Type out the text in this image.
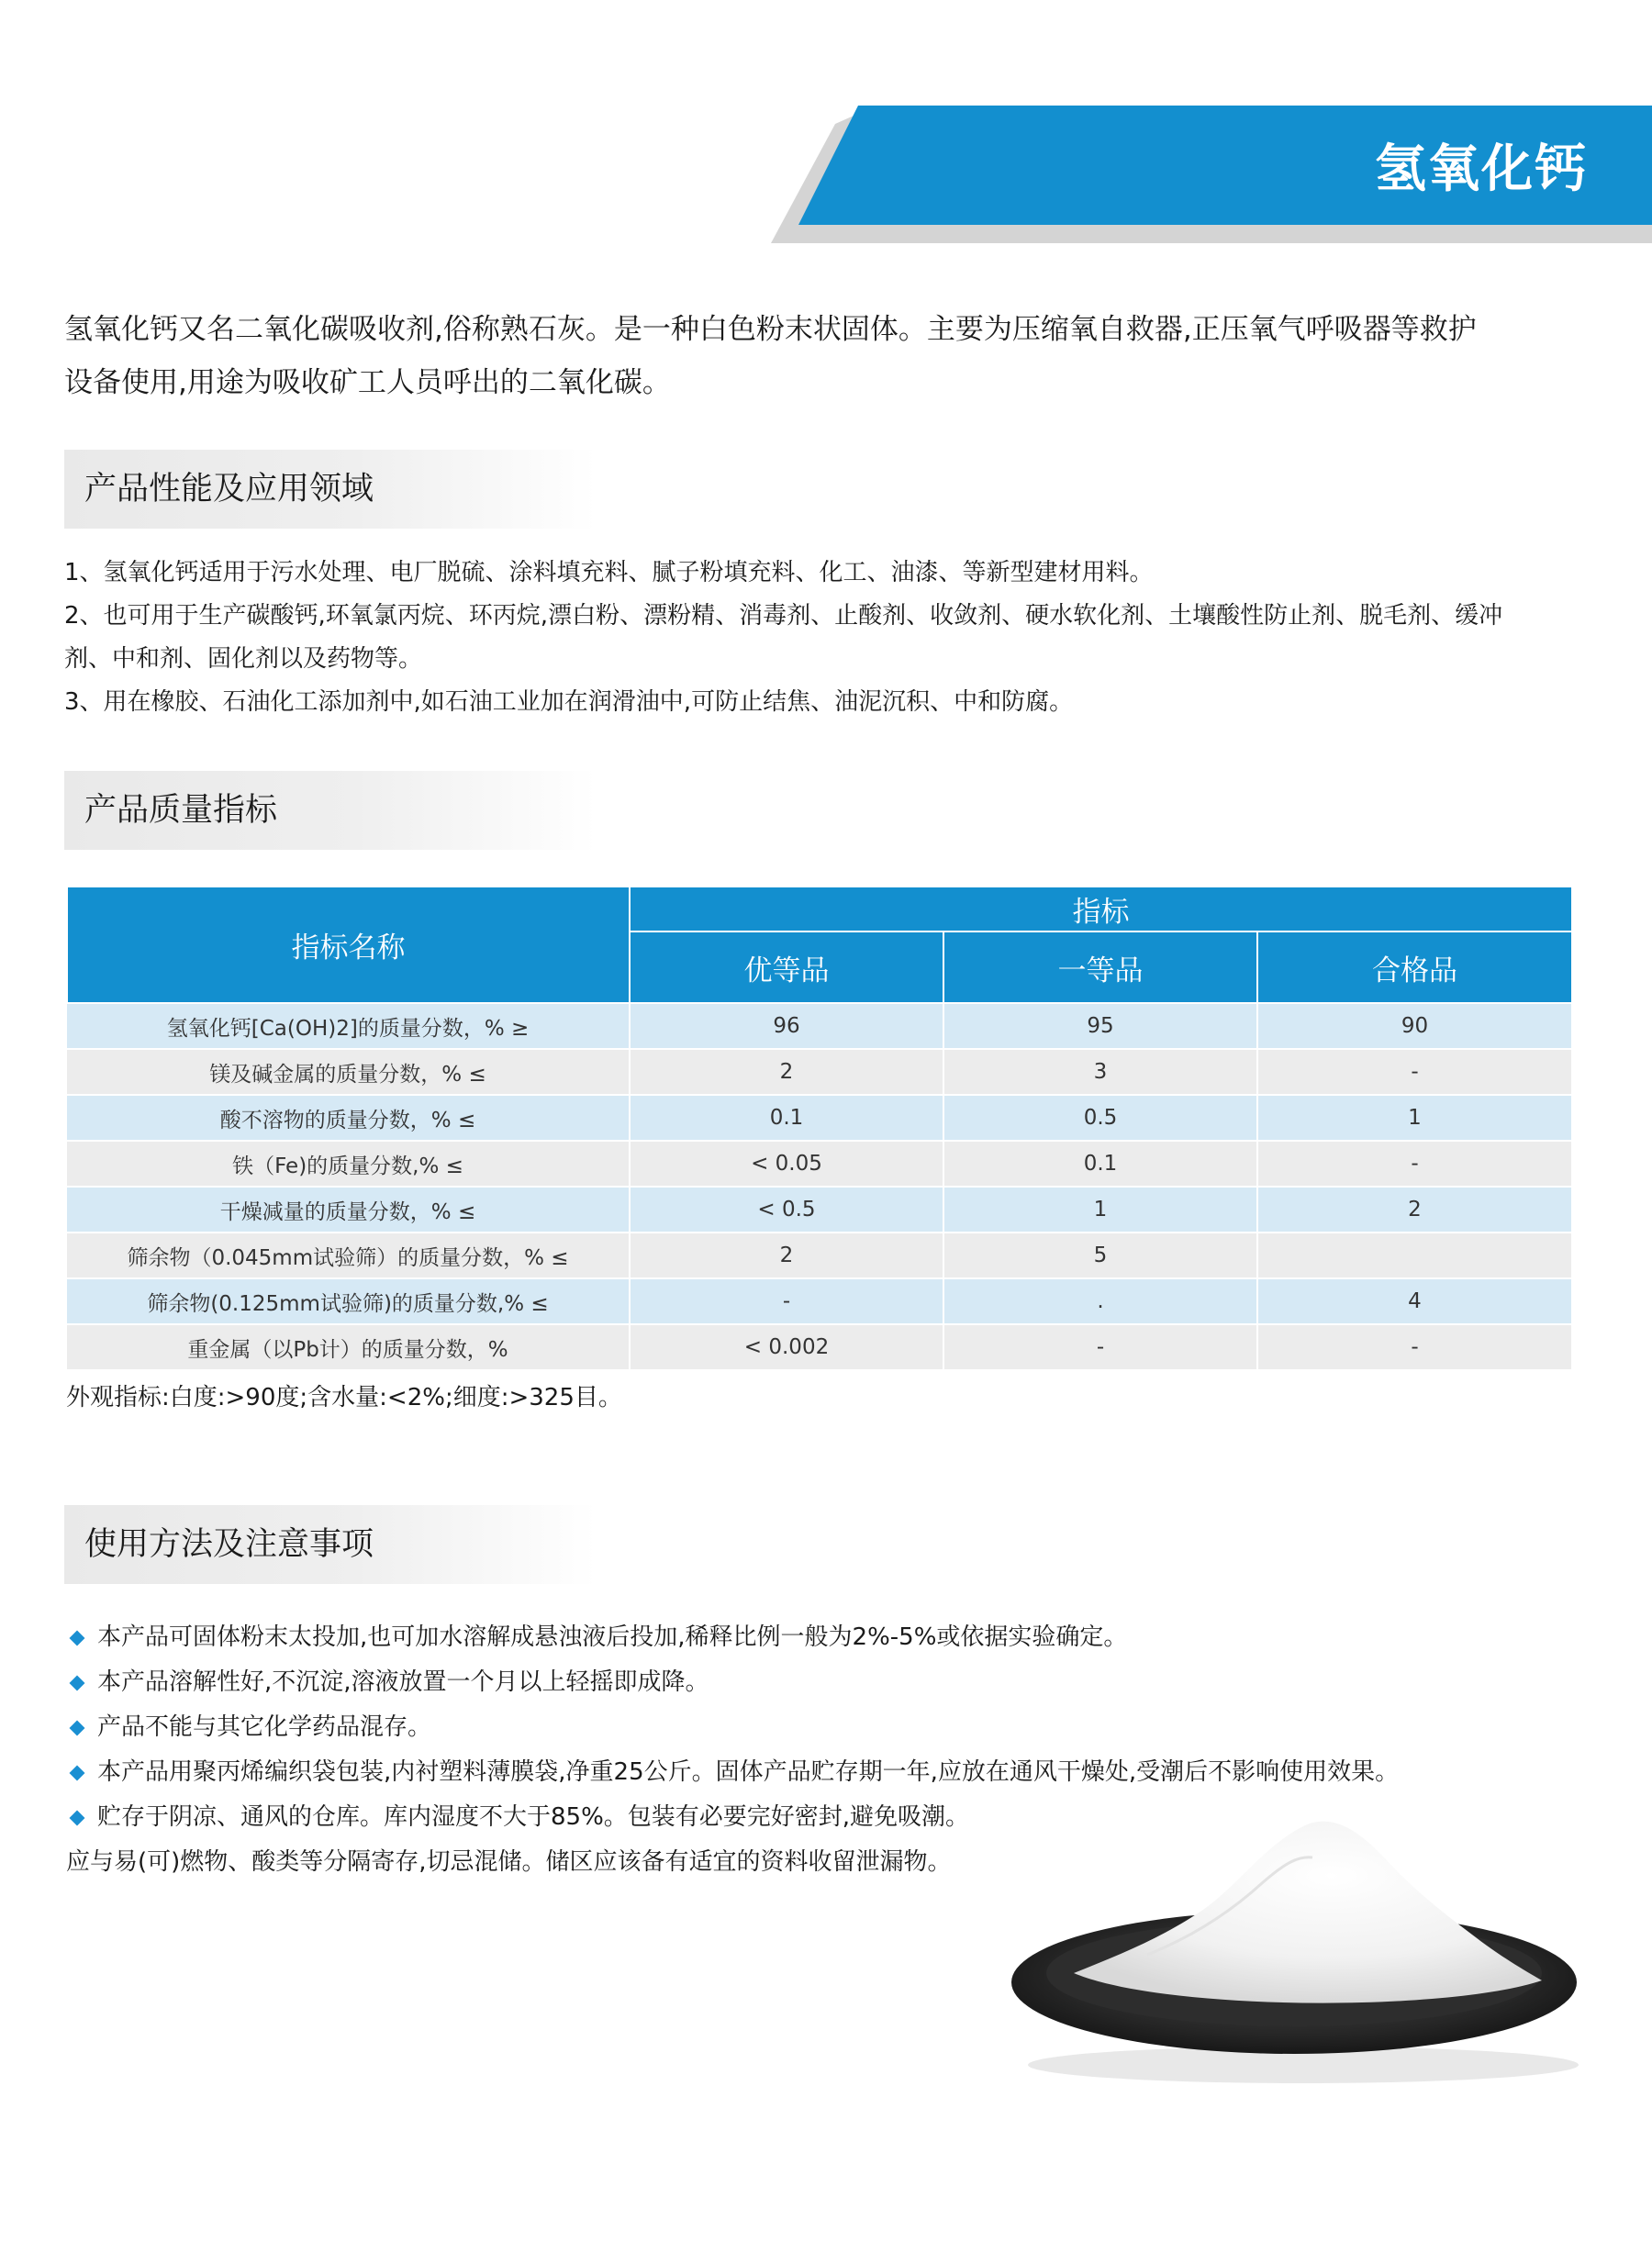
氢氧化钙
氢氧化钙又名二氧化碳吸收剂,俗称熟石灰。是一种白色粉末状固体。主要为压缩氧自救器,正压氧气呼吸器等救护
设备使用,用途为吸收矿工人员呼出的二氧化碳。
产品性能及应用领域

1、氢氧化钙适用于污水处理、电厂脱硫、涂料填充料、腻子粉填充料、化工、油漆、等新型建材用料。

2、也可用于生产碳酸钙,环氧氯丙烷、环丙烷,漂白粉、漂粉精、消毒剂、止酸剂、收敛剂、硬水软化剂、土壤酸性防止剂、脱毛剂、缓冲

剂、中和剂、固化剂以及药物等。

3、用在橡胶、石油化工添加剂中,如石油工业加在润滑油中,可防止结焦、油泥沉积、中和防腐。

产品质量指标
指标名称	指标		
	优等品	一等品	合格品
氢氧化钙[Ca(OH)2]的质量分数，% ≥	96	95	90
镁及碱金属的质量分数，% ≤	2	3	-
酸不溶物的质量分数，% ≤	0.1	0.5	1
铁（Fe)的质量分数,% ≤	< 0.05	0.1	-
干燥减量的质量分数，% ≤	< 0.5	1	2
筛余物（0.045mm试验筛）的质量分数，% ≤	2	5	
筛余物(0.125mm试验筛)的质量分数,% ≤	-	.	4
重金属（以Pb计）的质量分数，%	< 0.002	-	-
外观指标:白度:>90度;含水量:<2%;细度:>325目。
使用方法及注意事项
本产品可固体粉末太投加,也可加水溶解成悬浊液后投加,稀释比例一般为2%-5%或依据实验确定。
本产品溶解性好,不沉淀,溶液放置一个月以上轻摇即成降。
产品不能与其它化学药品混存。
本产品用聚丙烯编织袋包装,内衬塑料薄膜袋,净重25公斤。固体产品贮存期一年,应放在通风干燥处,受潮后不影响使用效果。
贮存于阴凉、通风的仓库。库内湿度不大于85%。包装有必要完好密封,避免吸潮。
应与易(可)燃物、酸类等分隔寄存,切忌混储。储区应该备有适宜的资料收留泄漏物。
